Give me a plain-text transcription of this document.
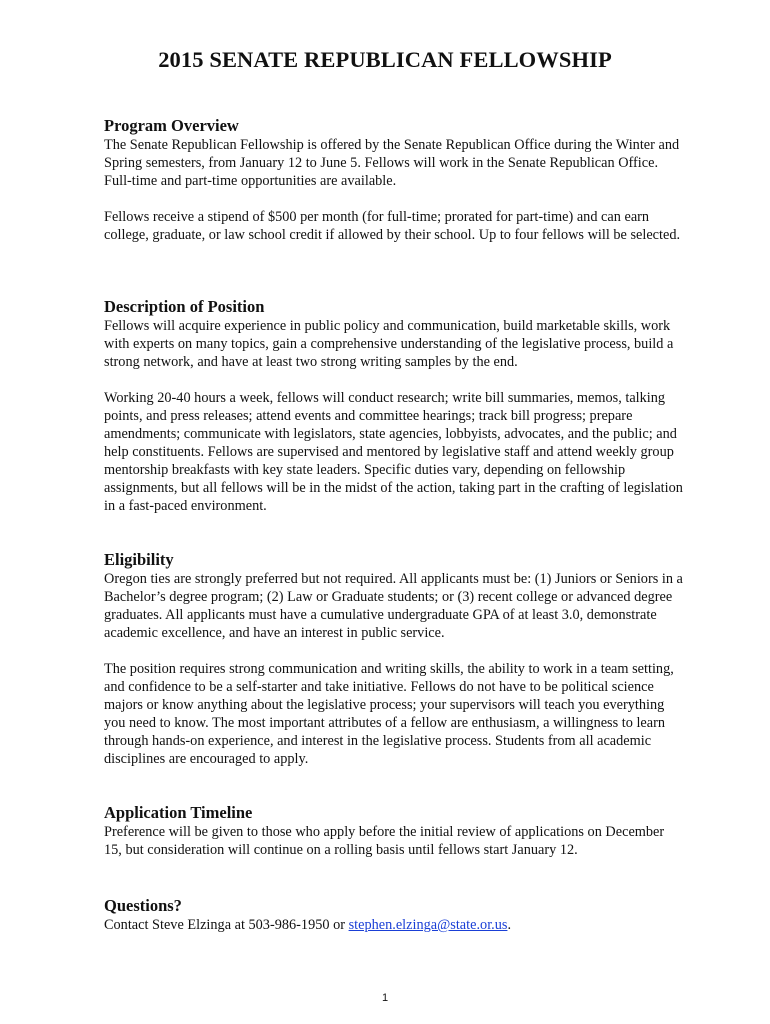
2015 SENATE REPUBLICAN FELLOWSHIP
Program Overview

The Senate Republican Fellowship is offered by the Senate Republican Office during the Winter and Spring semesters, from January 12 to June 5. Fellows will work in the Senate Republican Office. Full-time and part-time opportunities are available.

Fellows receive a stipend of $500 per month (for full-time; prorated for part-time) and can earn college, graduate, or law school credit if allowed by their school. Up to four fellows will be selected.

Description of Position

Fellows will acquire experience in public policy and communication, build marketable skills, work with experts on many topics, gain a comprehensive understanding of the legislative process, build a strong network, and have at least two strong writing samples by the end.

Working 20-40 hours a week, fellows will conduct research; write bill summaries, memos, talking points, and press releases; attend events and committee hearings; track bill progress; prepare amendments; communicate with legislators, state agencies, lobbyists, advocates, and the public; and help constituents. Fellows are supervised and mentored by legislative staff and attend weekly group mentorship breakfasts with key state leaders. Specific duties vary, depending on fellowship assignments, but all fellows will be in the midst of the action, taking part in the crafting of legislation in a fast-paced environment.

Eligibility

Oregon ties are strongly preferred but not required. All applicants must be: (1) Juniors or Seniors in a Bachelor’s degree program; (2) Law or Graduate students; or (3) recent college or advanced degree graduates. All applicants must have a cumulative undergraduate GPA of at least 3.0, demonstrate academic excellence, and have an interest in public service.

The position requires strong communication and writing skills, the ability to work in a team setting, and confidence to be a self-starter and take initiative. Fellows do not have to be political science majors or know anything about the legislative process; your supervisors will teach you everything you need to know. The most important attributes of a fellow are enthusiasm, a willingness to learn through hands-on experience, and interest in the legislative process. Students from all academic disciplines are encouraged to apply.

Application Timeline

Preference will be given to those who apply before the initial review of applications on December 15, but consideration will continue on a rolling basis until fellows start January 12.

Questions?

Contact Steve Elzinga at 503-986-1950 or stephen.elzinga@state.or.us.

1
